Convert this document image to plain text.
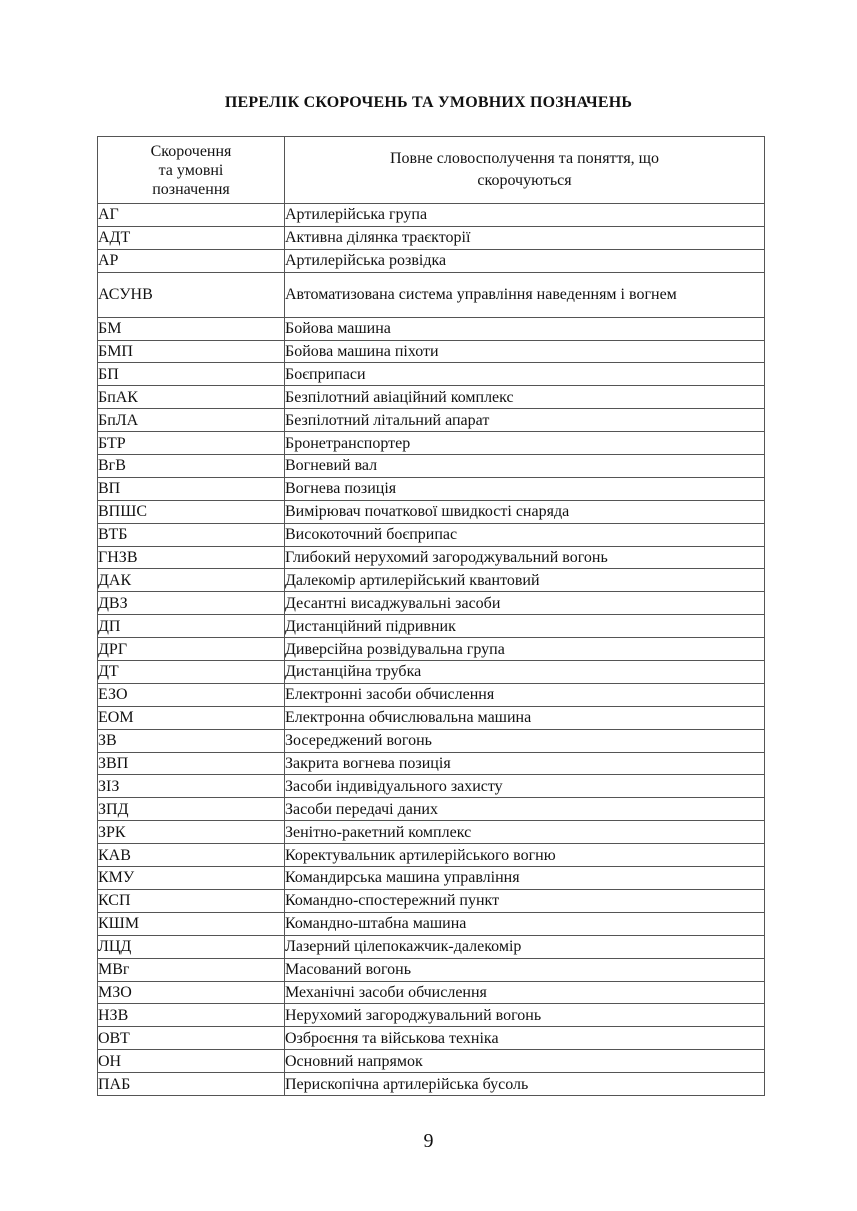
ПЕРЕЛІК СКОРОЧЕНЬ ТА УМОВНИХ ПОЗНАЧЕНЬ
Скорочення
та умовні
позначення	Повне словосполучення та поняття, що
скорочуються
АГ	Артилерійська група
АДТ	Активна ділянка траєкторії
АР	Артилерійська розвідка
АСУНВ	Автоматизована система управління наведенням і вогнем
БМ	Бойова машина
БМП	Бойова машина піхоти
БП	Боєприпаси
БпАК	Безпілотний авіаційний комплекс
БпЛА	Безпілотний літальний апарат
БТР	Бронетранспортер
ВгВ	Вогневий вал
ВП	Вогнева позиція
ВПШС	Вимірювач початкової швидкості снаряда
ВТБ	Високоточний боєприпас
ГНЗВ	Глибокий нерухомий загороджувальний вогонь
ДАК	Далекомір артилерійський квантовий
ДВЗ	Десантні висаджувальні засоби
ДП	Дистанційний підривник
ДРГ	Диверсійна розвідувальна група
ДТ	Дистанційна трубка
ЕЗО	Електронні засоби обчислення
ЕОМ	Електронна обчислювальна машина
ЗВ	Зосереджений вогонь
ЗВП	Закрита вогнева позиція
ЗІЗ	Засоби індивідуального захисту
ЗПД	Засоби передачі даних
ЗРК	Зенітно-ракетний комплекс
КАВ	Коректувальник артилерійського вогню
КМУ	Командирська машина управління
КСП	Командно-спостережний пункт
КШМ	Командно-штабна машина
ЛЦД	Лазерний цілепокажчик-далекомір
МВг	Масований вогонь
МЗО	Механічні засоби обчислення
НЗВ	Нерухомий загороджувальний вогонь
ОВТ	Озброєння та військова техніка
ОН	Основний напрямок
ПАБ	Перископічна артилерійська бусоль
9
